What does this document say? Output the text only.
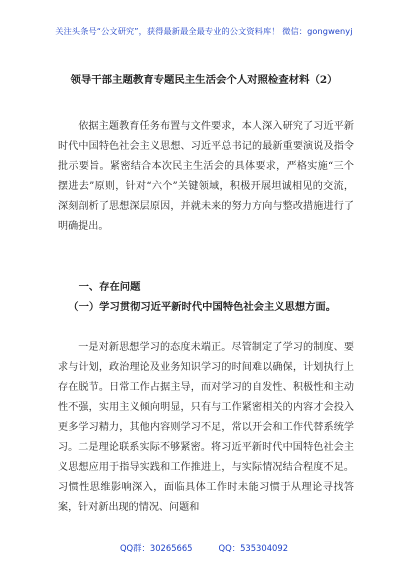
关注头条号“公文研究”，获得最新最全最专业的公文资料库！ 微信：gongwenyj
领导干部主题教育专题民主生活会个人对照检查材料（2）

依据主题教育任务布置与文件要求，本人深入研究了习近平新时代中国特色社会主义思想、习近平总书记的最新重要演说及指令批示要旨。紧密结合本次民主生活会的具体要求，严格实施“三个摆进去”原则，针对“六个”关键领域，积极开展坦诚相见的交流，深刻剖析了思想深层原因，并就未来的努力方向与整改措施进行了明确提出。

一、存在问题

（一）学习贯彻习近平新时代中国特色社会主义思想方面。

一是对新思想学习的态度未端正。尽管制定了学习的制度、要求与计划，政治理论及业务知识学习的时间难以确保，计划执行上存在脱节。日常工作占据主导，而对学习的自发性、积极性和主动性不强，实用主义倾向明显，只有与工作紧密相关的内容才会投入更多学习精力，其他内容则学习不足，常以开会和工作代替系统学习。 二是理论联系实际不够紧密。将习近平新时代中国特色社会主义思想应用于指导实践和工作推进上，与实际情况结合程度不足。习惯性思维影响深入，面临具体工作时未能习惯于从理论寻找答案，针对新出现的情况、问题和

QQ群：30265665	QQ：535304092
